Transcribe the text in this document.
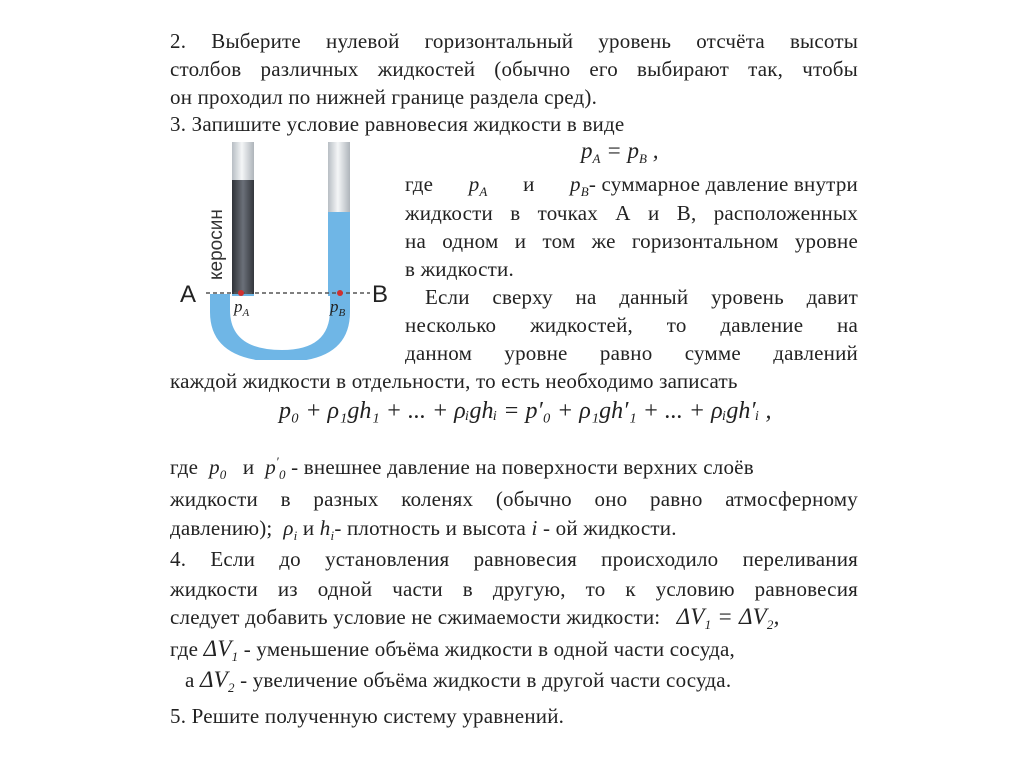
2. Выберите нулевой горизонтальный уровень отсчёта высоты
столбов различных жидкостей (обычно его выбирают так, чтобы
он проходил по нижней границе раздела сред).
3. Запишите условие равновесия жидкости в виде
$p_A = p_B$ ,
где $p_A$ и $p_B-$ суммарное давление внутри
жидкости в точках А и В, расположенных
на одном и том же горизонтальном уровне
в жидкости.
Если сверху на данный уровень давит
несколько жидкостей, то давление на
данном уровне равно сумме давлений
каждой жидкости в отдельности, то есть необходимо записать
p₀ + ρ₁gh₁ + ... + ρᵢghᵢ = p′₀ + ρ₁gh′₁ + ... + ρᵢgh′ᵢ ,
где $p_0$ и $p'_0$ - внешнее давление на поверхности верхних слоёв
жидкости в разных коленях (обычно оно равно атмосферному
давлению); $\rho_i$ и $h_i-$ плотность и высота i - ой жидкости.
4. Если до установления равновесия происходило переливания
жидкости из одной части в другую, то к условию равновесия
следует добавить условие не сжимаемости жидкости: $\Delta V_1 = \Delta V_2$,
где $\Delta V_1$ - уменьшение объёма жидкости в одной части сосуда,
а $\Delta V_2$ - увеличение объёма жидкости в другой части сосуда.
5. Решите полученную систему уравнений.
A	B
керосин	вода
$p_A$	$p_B$
